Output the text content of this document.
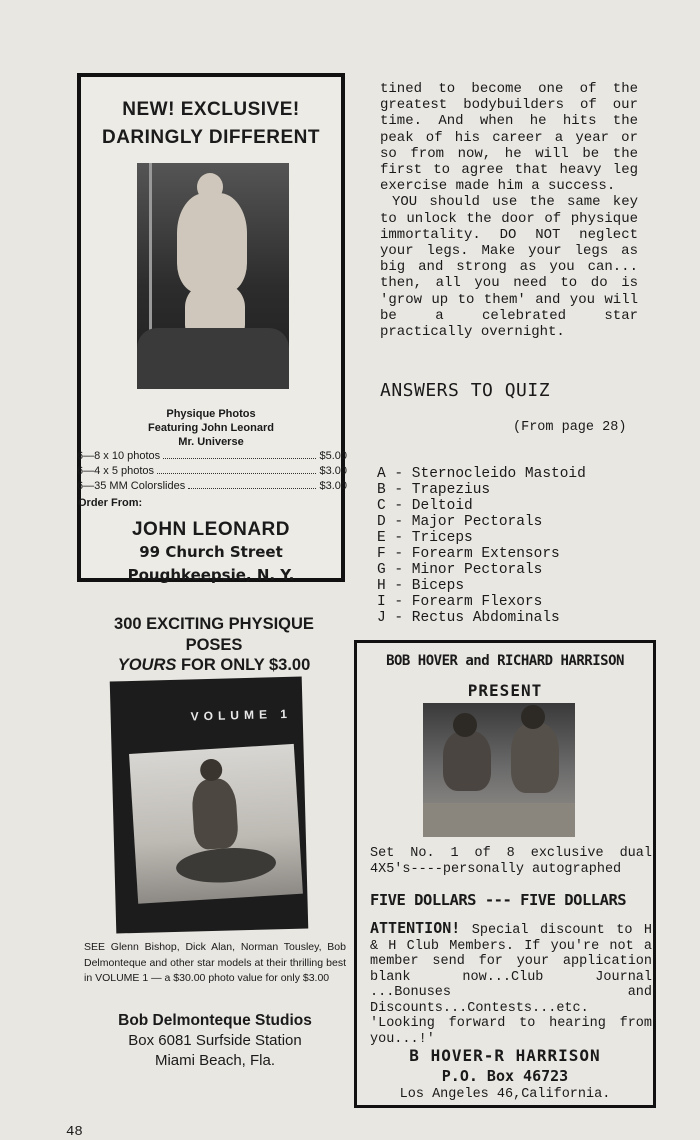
NEW! EXCLUSIVE!
DARINGLY DIFFERENT
Physique Photos
Featuring John Leonard
Mr. Universe
6—8 x 10 photos	$5.00
6—4 x 5 photos	$3.00
6—35 MM Colorslides	$3.00
Order From:
JOHN LEONARD
99 Church Street
Poughkeepsie, N. Y.
300 EXCITING PHYSIQUE
POSES
YOURS FOR ONLY $3.00
VOLUME 1
SEE Glenn Bishop, Dick Alan, Norman Tousley, Bob Delmonteque and other star models at their thrilling best in VOLUME 1 — a $30.00 photo value for only $3.00
Bob Delmonteque Studios
Box 6081 Surfside Station
Miami Beach, Fla.

tined to become one of the greatest bodybuilders of our time. And when he hits the peak of his career a year or so from now, he will be the first to agree that heavy leg exercise made him a success.

YOU should use the same key to unlock the door of physique immortality. DO NOT neglect your legs. Make your legs as big and strong as you can... then, all you need to do is 'grow up to them' and you will be a celebrated star practically overnight.

ANSWERS TO QUIZ
(From page 28)
A - Sternocleido Mastoid
B - Trapezius
C - Deltoid
D - Major Pectorals
E - Triceps
F - Forearm Extensors
G - Minor Pectorals
H - Biceps
I - Forearm Flexors
J - Rectus Abdominals
BOB HOVER and RICHARD HARRISON
PRESENT
Set No. 1 of 8 exclusive dual 4X5's----personally autographed
FIVE DOLLARS --- FIVE DOLLARS
ATTENTION! Special discount to H & H Club Members. If you're not a member send for your application blank now...Club Journal ...Bonuses and Discounts...Contests...etc. 'Looking forward to hearing from you...!'
B HOVER-R HARRISON
P.O. Box 46723
Los Angeles 46,California.
48
